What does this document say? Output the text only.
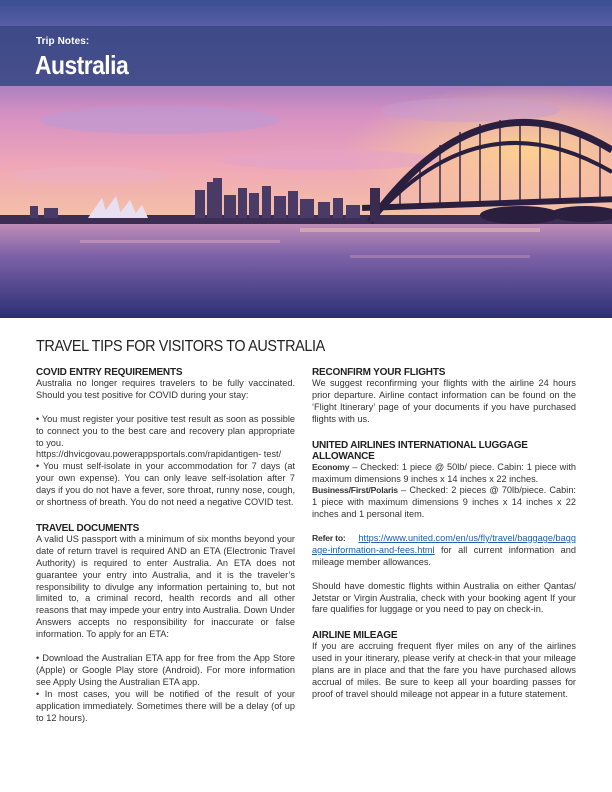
Trip Notes:
Australia
TRAVEL TIPS FOR VISITORS TO AUSTRALIA
COVID ENTRY REQUIREMENTS

Australia no longer requires travelers to be fully vaccinated. Should you test positive for COVID during your stay:

• You must register your positive test result as soon as possible to connect you to the best care and recovery plan appropriate to you.

https://dhvicgovau.powerappsportals.com/rapidantigen- test/

• You must self-isolate in your accommodation for 7 days (at your own expense). You can only leave self-isolation after 7 days if you do not have a fever, sore throat, runny nose, cough, or shortness of breath. You do not need a negative COVID test.

TRAVEL DOCUMENTS

A valid US passport with a minimum of six months beyond your date of return travel is required AND an ETA (Electronic Travel Authority) is required to enter Australia. An ETA does not guarantee your entry into Australia, and it is the traveler’s responsibility to divulge any information pertaining to, but not limited to, a criminal record, health records and all other reasons that may impede your entry into Australia. Down Under Answers accepts no responsibility for inaccurate or false information. To apply for an ETA:

• Download the Australian ETA app for free from the App Store (Apple) or Google Play store (Android). For more information see Apply Using the Australian ETA app.

• In most cases, you will be notified of the result of your application immediately. Sometimes there will be a delay (of up to 12 hours).

RECONFIRM YOUR FLIGHTS

We suggest reconfirming your flights with the airline 24 hours prior departure. Airline contact information can be found on the ‘Flight Itinerary’ page of your documents if you have purchased flights with us.

UNITED AIRLINES INTERNATIONAL LUGGAGE ALLOWANCE

Economy – Checked: 1 piece @ 50lb/ piece. Cabin: 1 piece with maximum dimensions 9 inches x 14 inches x 22 inches.

Business/First/Polaris – Checked: 2 pieces @ 70lb/piece. Cabin: 1 piece with maximum dimensions 9 inches x 14 inches x 22 inches and 1 personal item.

Refer to: https://www.united.com/en/us/fly/travel/baggage/baggage-information-and-fees.html for all current information and mileage member allowances.

Should have domestic flights within Australia on either Qantas/ Jetstar or Virgin Australia, check with your booking agent If your fare qualifies for luggage or you need to pay on check-in.

AIRLINE MILEAGE

If you are accruing frequent flyer miles on any of the airlines used in your itinerary, please verify at check-in that your mileage plans are in place and that the fare you have purchased allows accrual of miles. Be sure to keep all your boarding passes for proof of travel should mileage not appear in a future statement.
